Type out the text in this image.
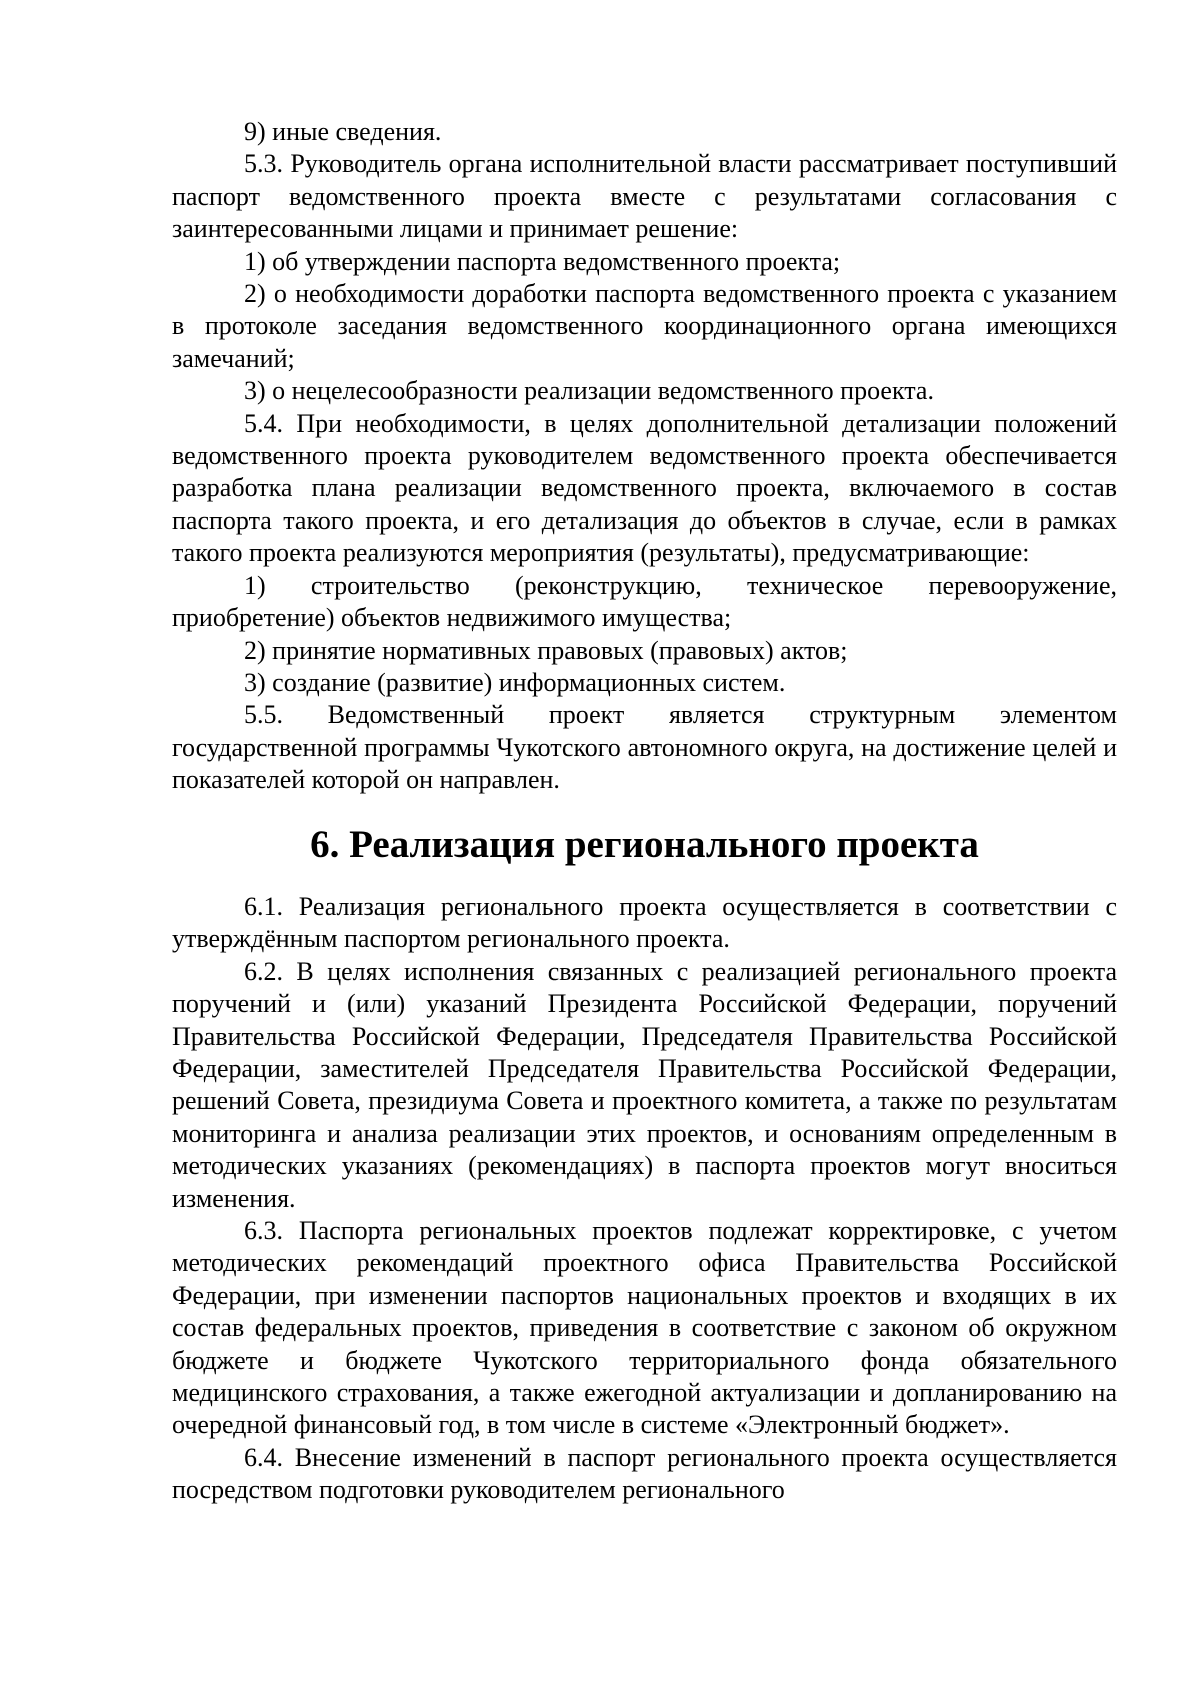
9) иные сведения.

5.3. Руководитель органа исполнительной власти рассматривает поступивший паспорт ведомственного проекта вместе с результатами согласования с заинтересованными лицами и принимает решение:

1) об утверждении паспорта ведомственного проекта;

2) о необходимости доработки паспорта ведомственного проекта с указанием в протоколе заседания ведомственного координационного органа имеющихся замечаний;

3) о нецелесообразности реализации ведомственного проекта.

5.4. При необходимости, в целях дополнительной детализации положений ведомственного проекта руководителем ведомственного проекта обеспечивается разработка плана реализации ведомственного проекта, включаемого в состав паспорта такого проекта, и его детализация до объектов в случае, если в рамках такого проекта реализуются мероприятия (результаты), предусматривающие:

1) строительство (реконструкцию, техническое перевооружение, приобретение) объектов недвижимого имущества;

2) принятие нормативных правовых (правовых) актов;

3) создание (развитие) информационных систем.

5.5. Ведомственный проект является структурным элементом государственной программы Чукотского автономного округа, на достижение целей и показателей которой он направлен.

6. Реализация регионального проекта

6.1. Реализация регионального проекта осуществляется в соответствии с утверждённым паспортом регионального проекта.

6.2. В целях исполнения связанных с реализацией регионального проекта поручений и (или) указаний Президента Российской Федерации, поручений Правительства Российской Федерации, Председателя Правительства Российской Федерации, заместителей Председателя Правительства Российской Федерации, решений Совета, президиума Совета и проектного комитета, а также по результатам мониторинга и анализа реализации этих проектов, и основаниям определенным в методических указаниях (рекомендациях) в паспорта проектов могут вноситься изменения.

6.3. Паспорта региональных проектов подлежат корректировке, с учетом методических рекомендаций проектного офиса Правительства Российской Федерации, при изменении паспортов национальных проектов и входящих в их состав федеральных проектов, приведения в соответствие с законом об окружном бюджете и бюджете Чукотского территориального фонда обязательного медицинского страхования, а также ежегодной актуализации и допланированию на очередной финансовый год, в том числе в системе «Электронный бюджет».

6.4. Внесение изменений в паспорт регионального проекта осуществляется посредством подготовки руководителем регионального
